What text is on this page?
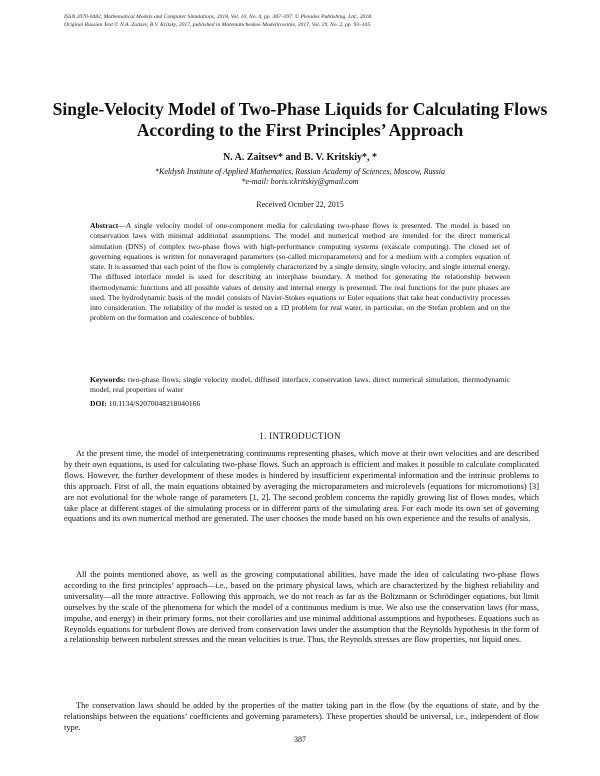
ISSN 2070-0482, Mathematical Models and Computer Simulations, 2018, Vol. 10, No. 4, pp. 387–397. © Pleiades Publishing, Ltd., 2018.
Original Russian Text © N.A. Zaitsev, B.V. Kritsky, 2017, published in Matematicheskoe Modelirovanie, 2017, Vol. 29, No. 2, pp. 93–105.
Single-Velocity Model of Two-Phase Liquids for Calculating Flows According to the First Principles’ Approach
N. A. Zaitsev* and B. V. Kritskiy*, *
*Keldysh Institute of Applied Mathematics, Russian Academy of Sciences, Moscow, Russia
*e-mail: boris.v.kritskiy@gmail.com
Received October 22, 2015
Abstract—A single velocity model of one-component media for calculating two-phase flows is presented. The model is based on conservation laws with minimal additional assumptions. The model and numerical method are intended for the direct numerical simulation (DNS) of complex two-phase flows with high-performance computing systems (exascale computing). The closed set of governing equations is written for nonaveraged parameters (so-called microparameters) and for a medium with a complex equation of state. It is assumed that each point of the flow is completely characterized by a single density, single velocity, and single internal energy. The diffused interface model is used for describing an interphase boundary. A method for generating the relationship between thermodynamic functions and all possible values of density and internal energy is presented. The real functions for the pure phases are used. The hydrodynamic basis of the model consists of Navier-Stokes equations or Euler equations that take heat conductivity processes into consideration. The reliability of the model is tested on a 1D problem for real water, in particular, on the Stefan problem and on the problem on the formation and coalescence of bubbles.
Keywords: two-phase flows, single velocity model, diffused interface, conservation laws, direct numerical simulation, thermodynamic model, real properties of water
DOI: 10.1134/S2070048218040166
1. INTRODUCTION

At the present time, the model of interpenetrating continuums representing phases, which move at their own velocities and are described by their own equations, is used for calculating two-phase flows. Such an approach is efficient and makes it possible to calculate complicated flows. However, the further development of these modes is hindered by insufficient experimental information and the intrinsic problems to this approach. First of all, the main equations obtained by averaging the microparameters and microlevels (equations for micromotions) [3] are not evolutional for the whole range of parameters [1, 2]. The second problem concerns the rapidly growing list of flows modes, which take place at different stages of the simulating process or in different parts of the simulating area. For each mode its own set of governing equations and its own numerical method are generated. The user chooses the mode based on his own experience and the results of analysis.

All the points mentioned above, as well as the growing computational abilities, have made the idea of calculating two-phase flows according to the first principles’ approach—i.e., based on the primary physical laws, which are characterized by the highest reliability and universality—all the more attractive. Following this approach, we do not reach as far as the Boltzmann or Schrödinger equations, but limit ourselves by the scale of the phenomena for which the model of a continuous medium is true. We also use the conservation laws (for mass, impulse, and energy) in their primary forms, not their corollaries and use minimal additional assumptions and hypotheses. Equations such as Reynolds equations for turbulent flows are derived from conservation laws under the assumption that the Reynolds hypothesis in the form of a relationship between turbulent stresses and the mean velocities is true. Thus, the Reynolds stresses are flow properties, not liquid ones.

The conservation laws should be added by the properties of the matter taking part in the flow (by the equations of state, and by the relationships between the equations’ coefficients and governing parameters). These properties should be universal, i.e., independent of flow type.

387
